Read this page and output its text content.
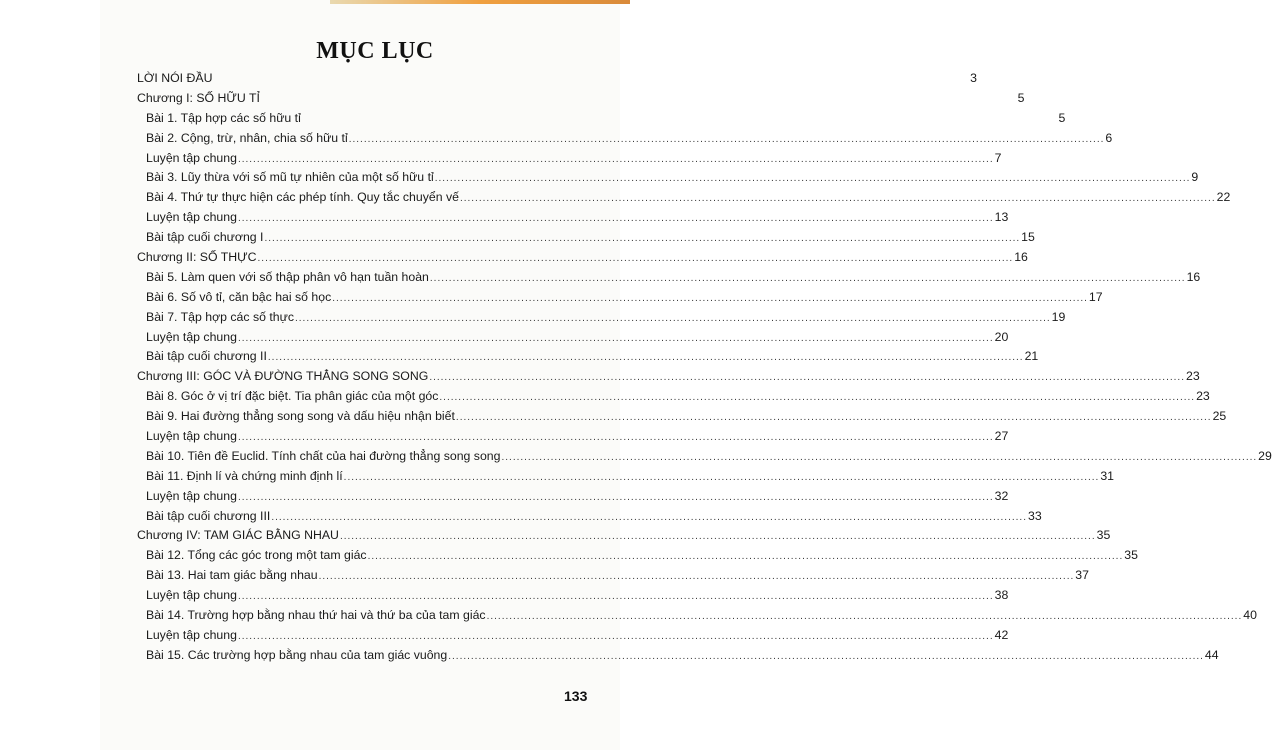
MỤC LỤC
LỜI NÓI ĐẦU	3
Chương I: SỐ HỮU TỈ	5
Bài 1. Tập hợp các số hữu tỉ	5
Bài 2. Cộng, trừ, nhân, chia số hữu tỉ ........................................................................................................................................................................................................ 6
Luyện tập chung ........................................................................................................................................................................................................ 7
Bài 3. Lũy thừa với số mũ tự nhiên của một số hữu tỉ ........................................................................................................................................................................................................ 9
Bài 4. Thứ tự thực hiện các phép tính. Quy tắc chuyển vế ........................................................................................................................................................................................................ 22
Luyện tập chung ........................................................................................................................................................................................................ 13
Bài tập cuối chương I ........................................................................................................................................................................................................ 15
Chương II: SỐ THỰC ........................................................................................................................................................................................................ 16
Bài 5. Làm quen với số thập phân vô hạn tuần hoàn ........................................................................................................................................................................................................ 16
Bài 6. Số vô tỉ, căn bậc hai số học ........................................................................................................................................................................................................ 17
Bài 7. Tập hợp các số thực ........................................................................................................................................................................................................ 19
Luyện tập chung ........................................................................................................................................................................................................ 20
Bài tập cuối chương II ........................................................................................................................................................................................................ 21
Chương III: GÓC VÀ ĐƯỜNG THẲNG SONG SONG ........................................................................................................................................................................................................ 23
Bài 8. Góc ở vị trí đặc biệt. Tia phân giác của một góc ........................................................................................................................................................................................................ 23
Bài 9. Hai đường thẳng song song và dấu hiệu nhận biết ........................................................................................................................................................................................................ 25
Luyện tập chung ........................................................................................................................................................................................................ 27
Bài 10. Tiên đề Euclid. Tính chất của hai đường thẳng song song ........................................................................................................................................................................................................ 29
Bài 11. Định lí và chứng minh định lí ........................................................................................................................................................................................................ 31
Luyện tập chung ........................................................................................................................................................................................................ 32
Bài tập cuối chương III ........................................................................................................................................................................................................ 33
Chương IV: TAM GIÁC BẰNG NHAU ........................................................................................................................................................................................................ 35
Bài 12. Tổng các góc trong một tam giác ........................................................................................................................................................................................................ 35
Bài 13. Hai tam giác bằng nhau ........................................................................................................................................................................................................ 37
Luyện tập chung ........................................................................................................................................................................................................ 38
Bài 14. Trường hợp bằng nhau thứ hai và thứ ba của tam giác ........................................................................................................................................................................................................ 40
Luyện tập chung ........................................................................................................................................................................................................ 42
Bài 15. Các trường hợp bằng nhau của tam giác vuông ........................................................................................................................................................................................................ 44
133
